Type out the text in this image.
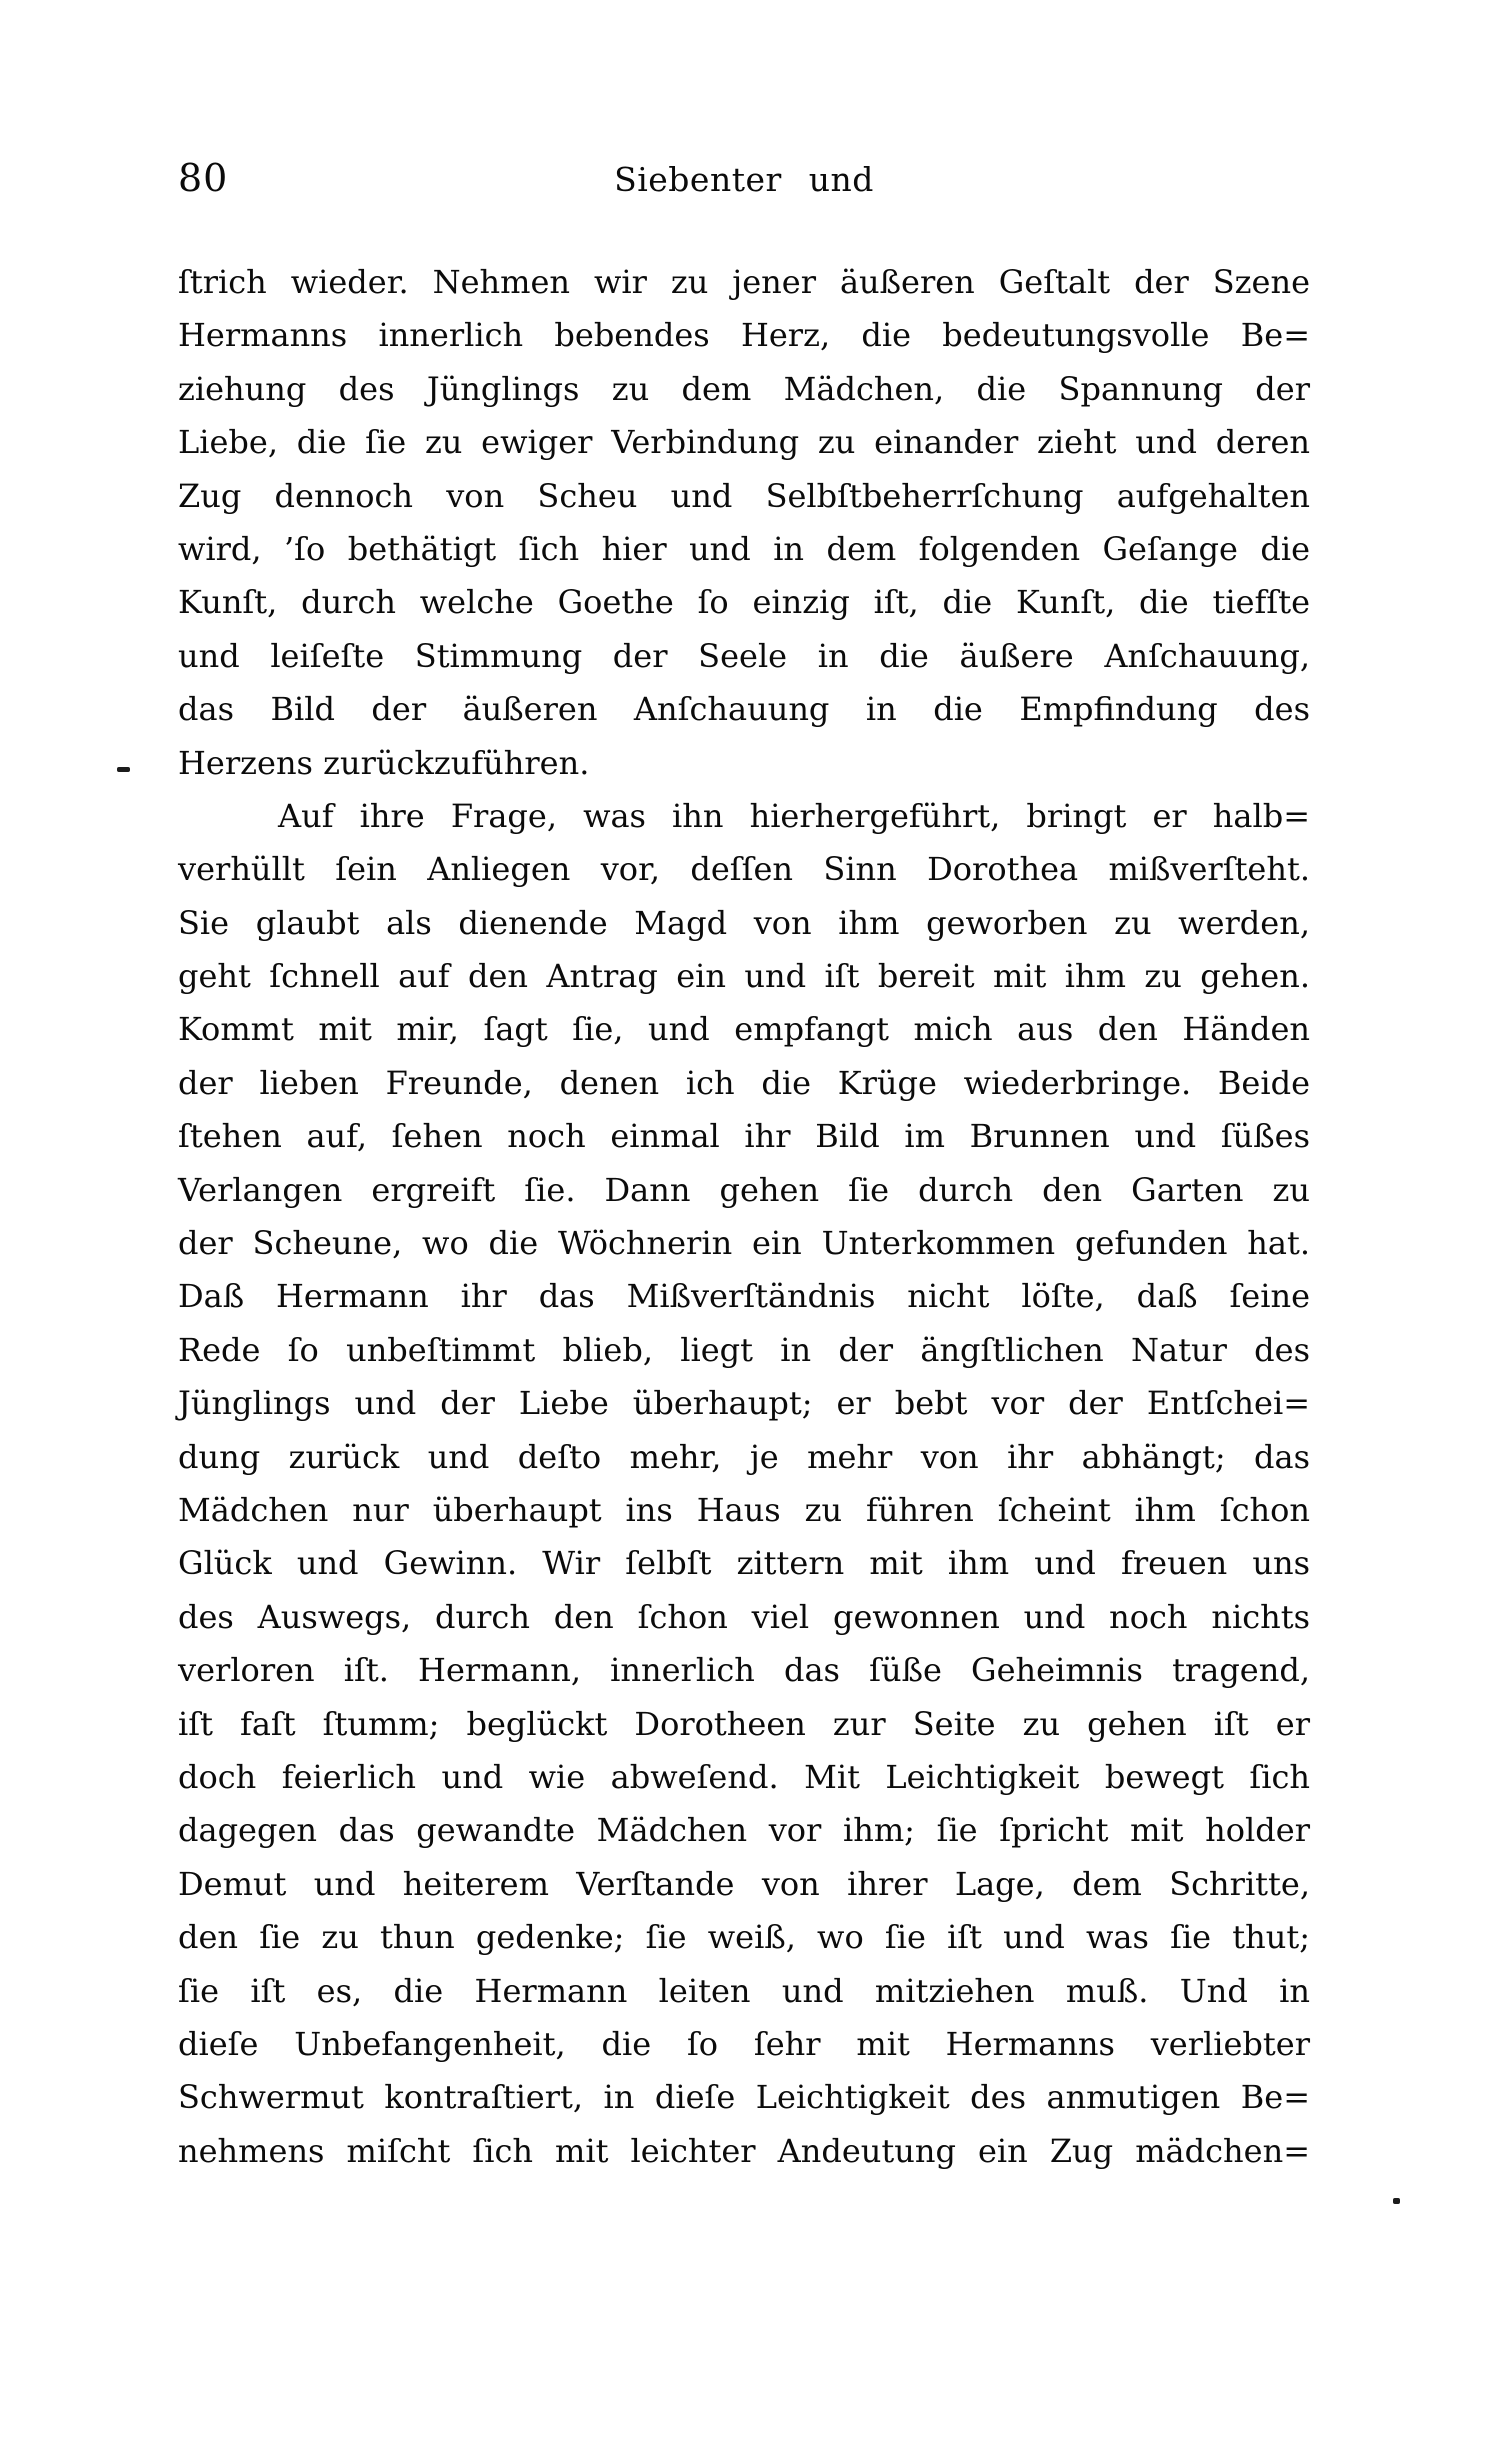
80	Siebenter und
ſtrich wieder. Nehmen wir zu jener äußeren Geſtalt der Szene
Hermanns innerlich bebendes Herz, die bedeutungsvolle Be=
ziehung des Jünglings zu dem Mädchen, die Spannung der
Liebe, die ſie zu ewiger Verbindung zu einander zieht und deren
Zug dennoch von Scheu und Selbſtbeherrſchung aufgehalten
wird, ’ſo bethätigt ſich hier und in dem folgenden Geſange die
Kunſt, durch welche Goethe ſo einzig iſt, die Kunſt, die tiefſte
und leiſeſte Stimmung der Seele in die äußere Anſchauung,
das Bild der äußeren Anſchauung in die Empfindung des
Herzens zurückzuführen.
Auf ihre Frage, was ihn hierhergeführt, bringt er halb=
verhüllt ſein Anliegen vor, deſſen Sinn Dorothea mißverſteht.
Sie glaubt als dienende Magd von ihm geworben zu werden,
geht ſchnell auf den Antrag ein und iſt bereit mit ihm zu gehen.
Kommt mit mir, ſagt ſie, und empfangt mich aus den Händen
der lieben Freunde, denen ich die Krüge wiederbringe. Beide
ſtehen auf, ſehen noch einmal ihr Bild im Brunnen und ſüßes
Verlangen ergreift ſie. Dann gehen ſie durch den Garten zu
der Scheune, wo die Wöchnerin ein Unterkommen gefunden hat.
Daß Hermann ihr das Mißverſtändnis nicht löſte, daß ſeine
Rede ſo unbeſtimmt blieb, liegt in der ängſtlichen Natur des
Jünglings und der Liebe überhaupt; er bebt vor der Entſchei=
dung zurück und deſto mehr, je mehr von ihr abhängt; das
Mädchen nur überhaupt ins Haus zu führen ſcheint ihm ſchon
Glück und Gewinn. Wir ſelbſt zittern mit ihm und freuen uns
des Auswegs, durch den ſchon viel gewonnen und noch nichts
verloren iſt. Hermann, innerlich das ſüße Geheimnis tragend,
iſt faſt ſtumm; beglückt Dorotheen zur Seite zu gehen iſt er
doch feierlich und wie abweſend. Mit Leichtigkeit bewegt ſich
dagegen das gewandte Mädchen vor ihm; ſie ſpricht mit holder
Demut und heiterem Verſtande von ihrer Lage, dem Schritte,
den ſie zu thun gedenke; ſie weiß, wo ſie iſt und was ſie thut;
ſie iſt es, die Hermann leiten und mitziehen muß. Und in
dieſe Unbefangenheit, die ſo ſehr mit Hermanns verliebter
Schwermut kontraſtiert, in dieſe Leichtigkeit des anmutigen Be=
nehmens miſcht ſich mit leichter Andeutung ein Zug mädchen=
